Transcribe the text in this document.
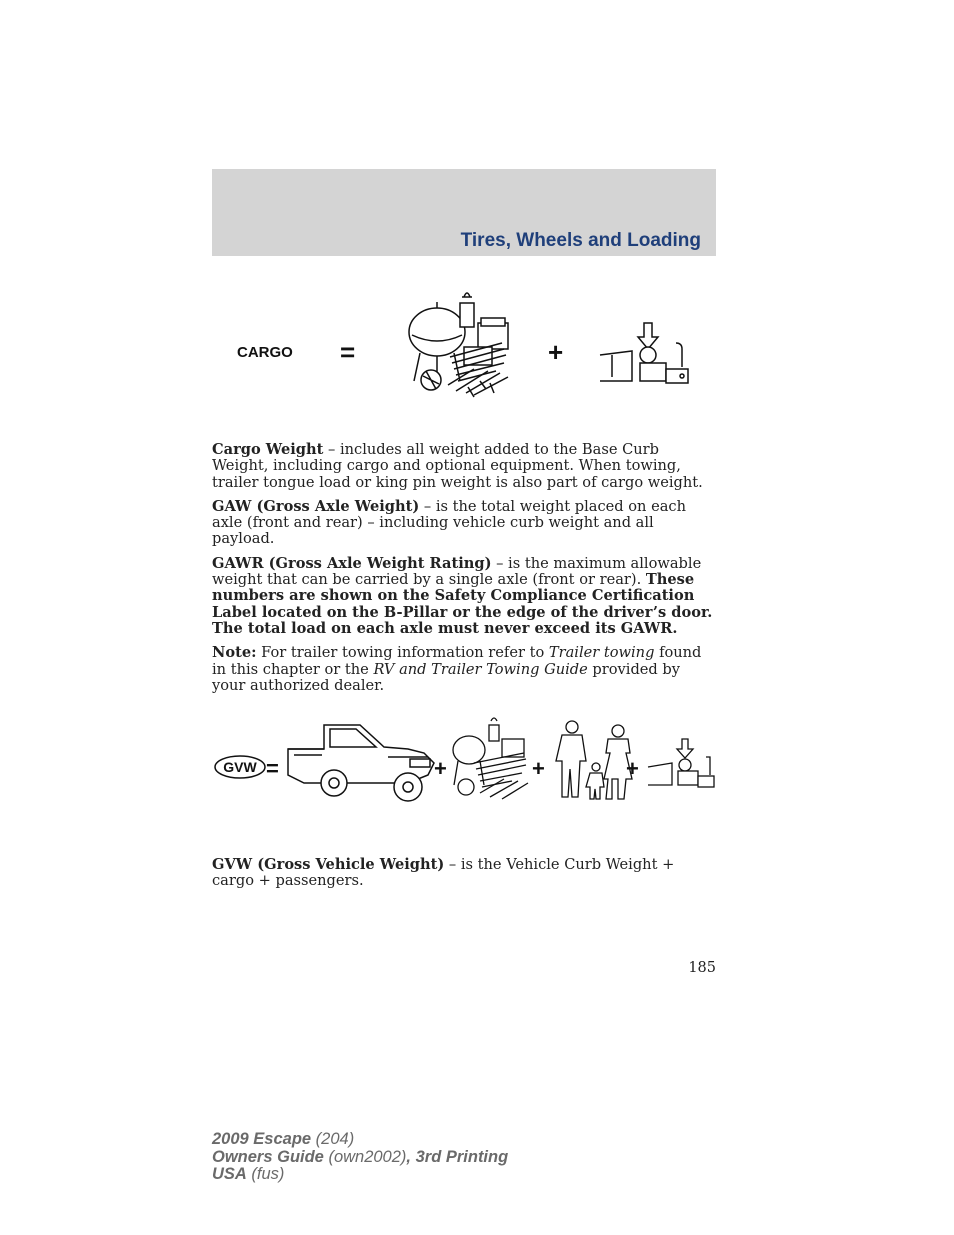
Tires, Wheels and Loading
CARGO =	+

Cargo Weight – includes all weight added to the Base Curb Weight, including cargo and optional equipment. When towing, trailer tongue load or king pin weight is also part of cargo weight.

GAW (Gross Axle Weight) – is the total weight placed on each axle (front and rear) – including vehicle curb weight and all payload.

GAWR (Gross Axle Weight Rating) – is the maximum allowable weight that can be carried by a single axle (front or rear). These numbers are shown on the Safety Compliance Certification Label located on the B-Pillar or the edge of the driver’s door. The total load on each axle must never exceed its GAWR.

Note: For trailer towing information refer to Trailer towing found in this chapter or the RV and Trailer Towing Guide provided by your authorized dealer.

GVW =	+	+	+

GVW (Gross Vehicle Weight) – is the Vehicle Curb Weight + cargo + passengers.

185
2009 Escape (204)
Owners Guide (own2002), 3rd Printing
USA (fus)
